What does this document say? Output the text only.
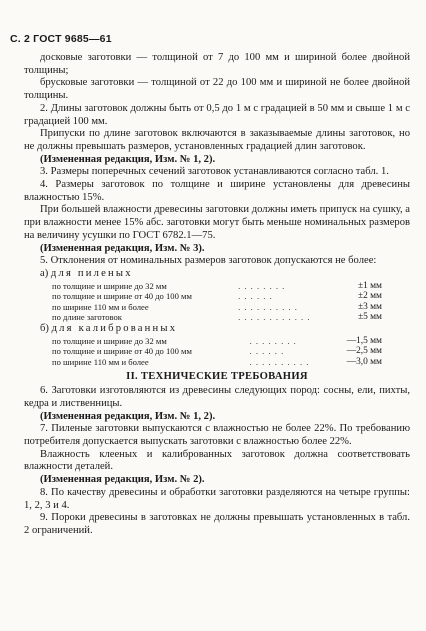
С. 2 ГОСТ 9685—61

досковые заготовки — толщиной от 7 до 100 мм и шириной более двойной толщины;

брусковые заготовки — толщиной от 22 до 100 мм и шириной не более двойной толщины.

2. Длины заготовок должны быть от 0,5 до 1 м с градацией в 50 мм и свыше 1 м с градацией 100 мм.

Припуски по длине заготовок включаются в заказываемые длины заготовок, но не должны превышать размеров, установленных градацией длин заготовок.

(Измененная редакция, Изм. № 1, 2).

3. Размеры поперечных сечений заготовок устанавливаются согласно табл. 1.

4. Размеры заготовок по толщине и ширине установлены для древесины влажностью 15%.

При большей влажности древесины заготовки должны иметь припуск на сушку, а при влажности менее 15% абс. заготовки могут быть меньше номинальных размеров на величину усушки по ГОСТ 6782.1—75.

(Измененная редакция, Изм. № 3).

5. Отклонения от номинальных размеров заготовок допускаются не более:

а) для пиленых

по толщине и ширине до 32 мм	. . . . . . . .	±1 мм
по толщине и ширине от 40 до 100 мм	. . . . . .	±2 мм
по ширине 110 мм и более	. . . . . . . . . .	±3 мм
по длине заготовок	. . . . . . . . . . . .	±5 мм

б) для калиброванных

по толщине и ширине до 32 мм	. . . . . . . .	—1,5 мм
по толщине и ширине от 40 до 100 мм	. . . . . .	—2,5 мм
по ширине 110 мм и более	. . . . . . . . . .	—3,0 мм
II. ТЕХНИЧЕСКИЕ ТРЕБОВАНИЯ

6. Заготовки изготовляются из древесины следующих пород: сосны, ели, пихты, кедра и лиственницы.

(Измененная редакция, Изм. № 1, 2).

7. Пиленые заготовки выпускаются с влажностью не более 22%. По требованию потребителя допускается выпускать заготовки с влажностью более 22%.

Влажность клееных и калиброванных заготовок должна соответствовать влажности деталей.

(Измененная редакция, Изм. № 2).

8. По качеству древесины и обработки заготовки разделяются на четыре группы: 1, 2, 3 и 4.

9. Пороки древесины в заготовках не должны превышать установленных в табл. 2 ограничений.
